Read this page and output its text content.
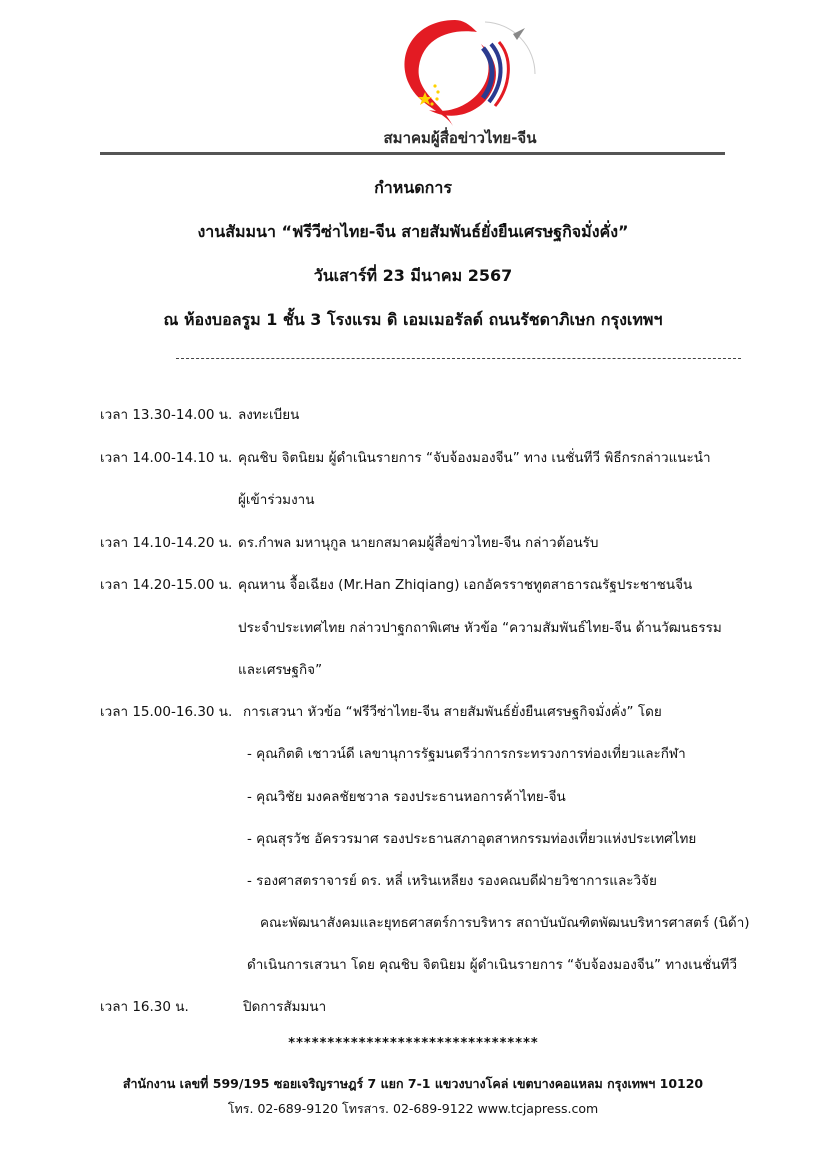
สมาคมผู้สื่อข่าวไทย-จีน
กำหนดการ
งานสัมมนา “ฟรีวีซ่าไทย-จีน สายสัมพันธ์ยั่งยืนเศรษฐกิจมั่งคั่ง”
วันเสาร์ที่ 23 มีนาคม 2567
ณ ห้องบอลรูม 1 ชั้น 3 โรงแรม ดิ เอมเมอรัลด์ ถนนรัชดาภิเษก กรุงเทพฯ
เวลา 13.30-14.00 น. ลงทะเบียน
เวลา 14.00-14.10 น. คุณชิบ จิตนิยม ผู้ดำเนินรายการ “จับจ้องมองจีน” ทาง เนชั่นทีวี พิธีกรกล่าวแนะนำ
ผู้เข้าร่วมงาน
เวลา 14.10-14.20 น. ดร.กำพล มหานุกูล นายกสมาคมผู้สื่อข่าวไทย-จีน กล่าวต้อนรับ
เวลา 14.20-15.00 น. คุณหาน จื้อเฉียง (Mr.Han Zhiqiang) เอกอัครราชทูตสาธารณรัฐประชาชนจีน
ประจำประเทศไทย กล่าวปาฐกถาพิเศษ หัวข้อ “ความสัมพันธ์ไทย-จีน ด้านวัฒนธรรม
และเศรษฐกิจ”
เวลา 15.00-16.30 น. การเสวนา หัวข้อ “ฟรีวีซ่าไทย-จีน สายสัมพันธ์ยั่งยืนเศรษฐกิจมั่งคั่ง” โดย
- คุณกิตติ เชาวน์ดี เลขานุการรัฐมนตรีว่าการกระทรวงการท่องเที่ยวและกีฬา
- คุณวิชัย มงคลชัยชวาล รองประธานหอการค้าไทย-จีน
- คุณสุรวัช อัครวรมาศ รองประธานสภาอุตสาหกรรมท่องเที่ยวแห่งประเทศไทย
- รองศาสตราจารย์ ดร. หลี่ เหรินเหลียง รองคณบดีฝ่ายวิชาการและวิจัย
คณะพัฒนาสังคมและยุทธศาสตร์การบริหาร สถาบันบัณฑิตพัฒนบริหารศาสตร์ (นิด้า)
ดำเนินการเสวนา โดย คุณชิบ จิตนิยม ผู้ดำเนินรายการ “จับจ้องมองจีน” ทางเนชั่นทีวี
เวลา 16.30 น.	ปิดการสัมมนา
********************************
สำนักงาน เลขที่ 599/195 ซอยเจริญราษฎร์ 7 แยก 7-1 แขวงบางโคล่ เขตบางคอแหลม กรุงเทพฯ 10120
โทร. 02-689-9120 โทรสาร. 02-689-9122 www.tcjapress.com
